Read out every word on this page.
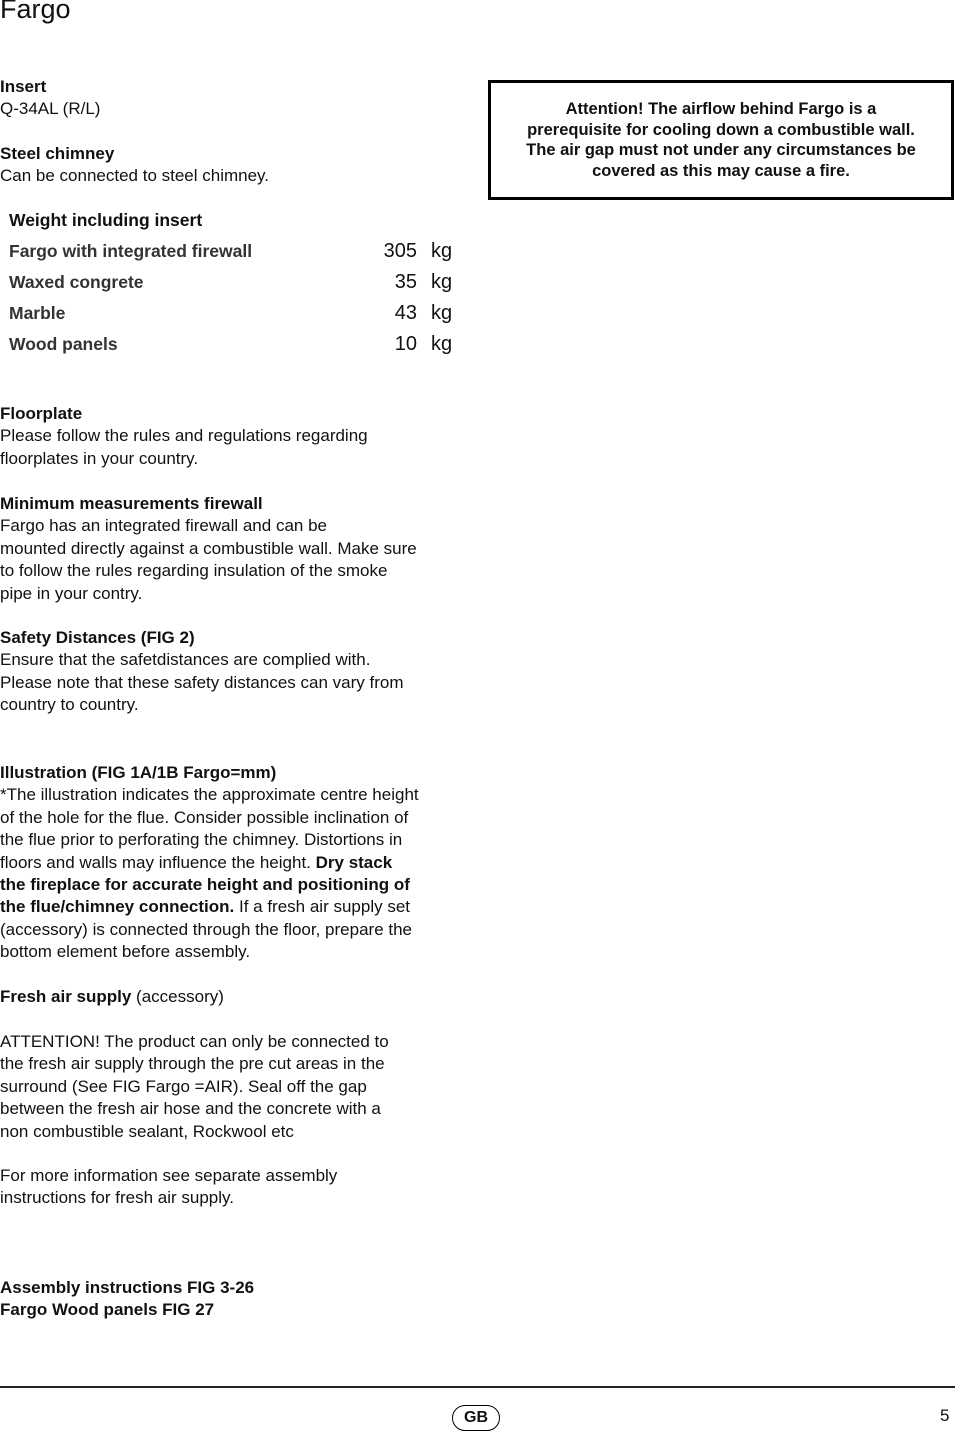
Fargo

Insert

Q-34AL (R/L)

Steel chimney

Can be connected to steel chimney.

Attention! The airflow behind Fargo is a
prerequisite for cooling down a combustible wall.
The air gap must not under any circumstances be
covered as this may cause a fire.

Weight including insert
Fargo with integrated firewall	305 kg
Waxed congrete	35 kg
Marble	43 kg
Wood panels	10 kg

Floorplate

Please follow the rules and regulations regarding

floorplates in your country.

Minimum measurements firewall

Fargo has an integrated firewall and can be

mounted directly against a combustible wall. Make sure

to follow the rules regarding insulation of the smoke

pipe in your contry.

Safety Distances (FIG 2)

Ensure that the safetdistances are complied with.

Please note that these safety distances can vary from

country to country.

Illustration (FIG 1A/1B Fargo=mm)

*The illustration indicates the approximate centre height

of the hole for the flue. Consider possible inclination of

the flue prior to perforating the chimney. Distortions in

floors and walls may influence the height. Dry stack

the fireplace for accurate height and positioning of

the flue/chimney connection. If a fresh air supply set

(accessory) is connected through the floor, prepare the

bottom element before assembly.

Fresh air supply (accessory)

ATTENTION! The product can only be connected to

the fresh air supply through the pre cut areas in the

surround (See FIG Fargo =AIR). Seal off the gap

between the fresh air hose and the concrete with a

non combustible sealant, Rockwool etc

For more information see separate assembly

instructions for fresh air supply.

Assembly instructions FIG 3-26

Fargo Wood panels FIG 27

GB	5
